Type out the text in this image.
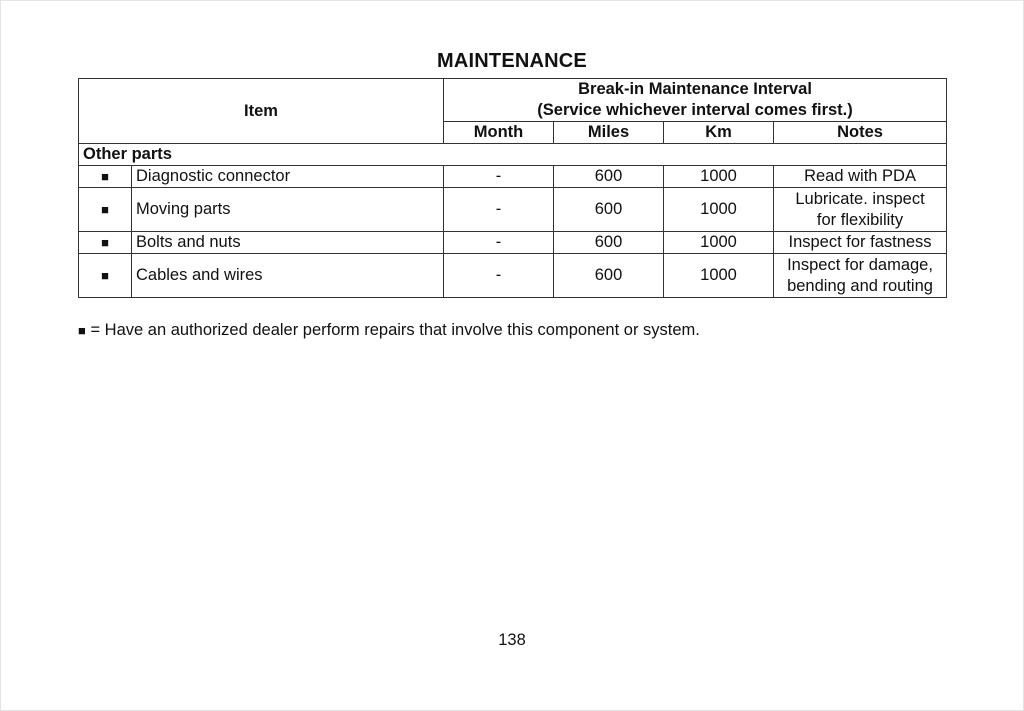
MAINTENANCE
Item		Break-in Maintenance Interval
(Service whichever interval comes first.)			

		Month	Miles	Km	Notes
Other parts					
■	Diagnostic connector	-	600	1000	Read with PDA

■	Moving parts	-	600	1000	Lubricate. inspect
for flexibility

■	Bolts and nuts	-	600	1000	Inspect for fastness

■	Cables and wires	-	600	1000	Inspect for damage,
bending and routing
■ = Have an authorized dealer perform repairs that involve this component or system.
138
